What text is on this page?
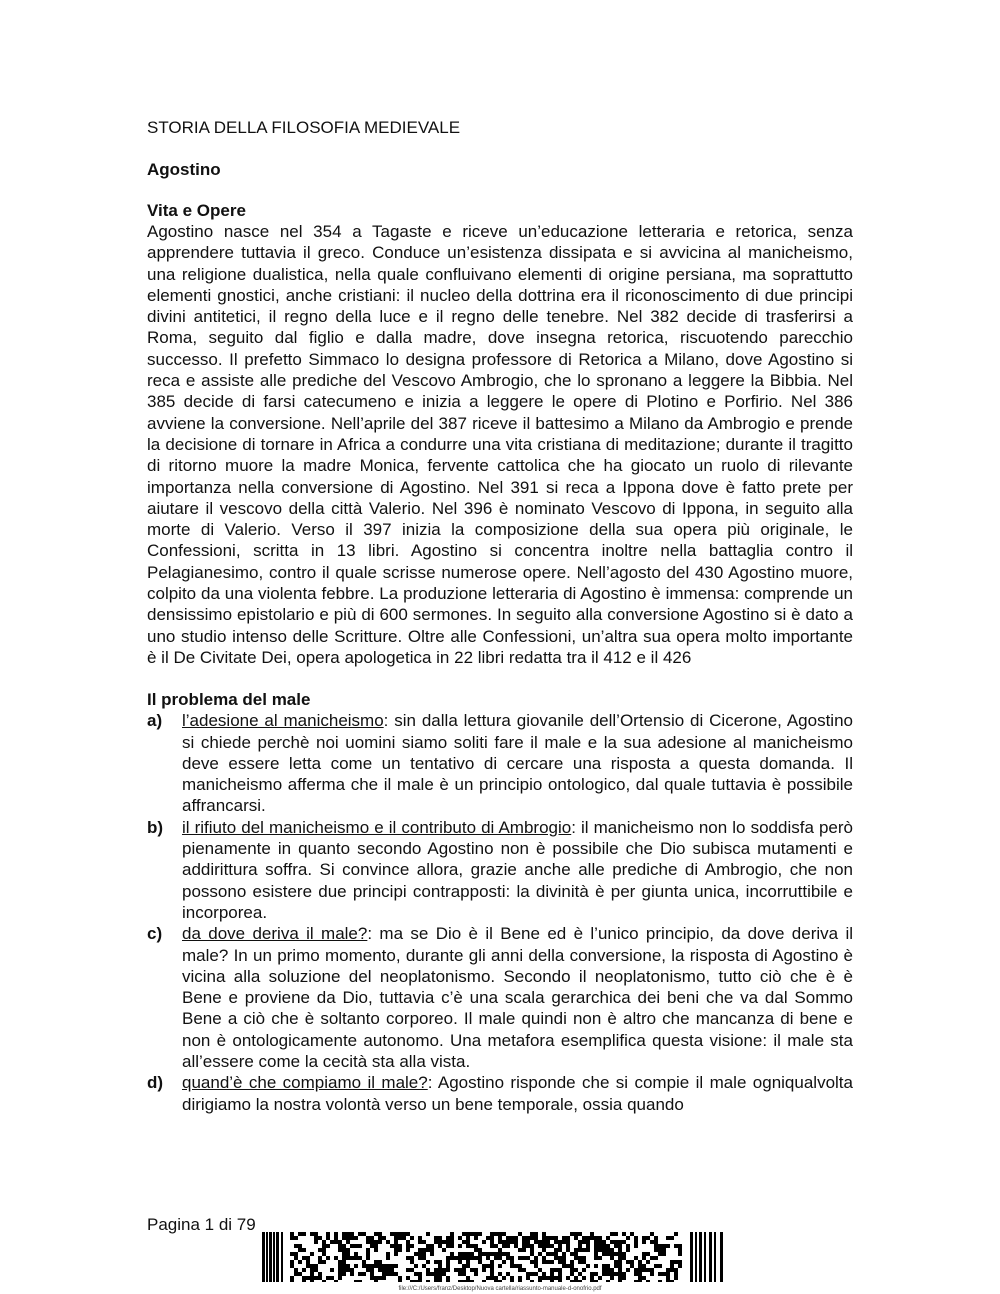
STORIA DELLA FILOSOFIA MEDIEVALE
Agostino
Vita e Opere

Agostino nasce nel 354 a Tagaste e riceve un’educazione letteraria e retorica, senza apprendere tuttavia il greco. Conduce un’esistenza dissipata e si avvicina al manicheismo, una religione dualistica, nella quale confluivano elementi di origine persiana, ma soprattutto elementi gnostici, anche cristiani: il nucleo della dottrina era il riconoscimento di due principi divini antitetici, il regno della luce e il regno delle tenebre. Nel 382 decide di trasferirsi a Roma, seguito dal figlio e dalla madre, dove insegna retorica, riscuotendo parecchio successo. Il prefetto Simmaco lo designa professore di Retorica a Milano, dove Agostino si reca e assiste alle prediche del Vescovo Ambrogio, che lo spronano a leggere la Bibbia. Nel 385 decide di farsi catecumeno e inizia a leggere le opere di Plotino e Porfirio. Nel 386 avviene la conversione. Nell’aprile del 387 riceve il battesimo a Milano da Ambrogio e prende la decisione di tornare in Africa a condurre una vita cristiana di meditazione; durante il tragitto di ritorno muore la madre Monica, fervente cattolica che ha giocato un ruolo di rilevante importanza nella conversione di Agostino. Nel 391 si reca a Ippona dove è fatto prete per aiutare il vescovo della città Valerio. Nel 396 è nominato Vescovo di Ippona, in seguito alla morte di Valerio. Verso il 397 inizia la composizione della sua opera più originale, le Confessioni, scritta in 13 libri. Agostino si concentra inoltre nella battaglia contro il Pelagianesimo, contro il quale scrisse numerose opere. Nell’agosto del 430 Agostino muore, colpito da una violenta febbre. La produzione letteraria di Agostino è immensa: comprende un densissimo epistolario e più di 600 sermones. In seguito alla conversione Agostino si è dato a uno studio intenso delle Scritture. Oltre alle Confessioni, un’altra sua opera molto importante è il De Civitate Dei, opera apologetica in 22 libri redatta tra il 412 e il 426

Il problema del male
a) l’adesione al manicheismo: sin dalla lettura giovanile dell’Ortensio di Cicerone, Agostino si chiede perchè noi uomini siamo soliti fare il male e la sua adesione al manicheismo deve essere letta come un tentativo di cercare una risposta a questa domanda. Il manicheismo afferma che il male è un principio ontologico, dal quale tuttavia è possibile affrancarsi.
b) il rifiuto del manicheismo e il contributo di Ambrogio: il manicheismo non lo soddisfa però pienamente in quanto secondo Agostino non è possibile che Dio subisca mutamenti e addirittura soffra. Si convince allora, grazie anche alle prediche di Ambrogio, che non possono esistere due principi contrapposti: la divinità è per giunta unica, incorruttibile e incorporea.
c) da dove deriva il male?: ma se Dio è il Bene ed è l’unico principio, da dove deriva il male? In un primo momento, durante gli anni della conversione, la risposta di Agostino è vicina alla soluzione del neoplatonismo. Secondo il neoplatonismo, tutto ciò che è è Bene e proviene da Dio, tuttavia c’è una scala gerarchica dei beni che va dal Sommo Bene a ciò che è soltanto corporeo. Il male quindi non è altro che mancanza di bene e non è ontologicamente autonomo. Una metafora esemplifica questa visione: il male sta all’essere come la cecità sta alla vista.
d) quand’è che compiamo il male?: Agostino risponde che si compie il male ogniqualvolta dirigiamo la nostra volontà verso un bene temporale, ossia quando
Pagina 1 di 79
file:///C:/Users/franz/Desktop/Nuova cartella/riassunto-manuale-d-onofrio.pdf
